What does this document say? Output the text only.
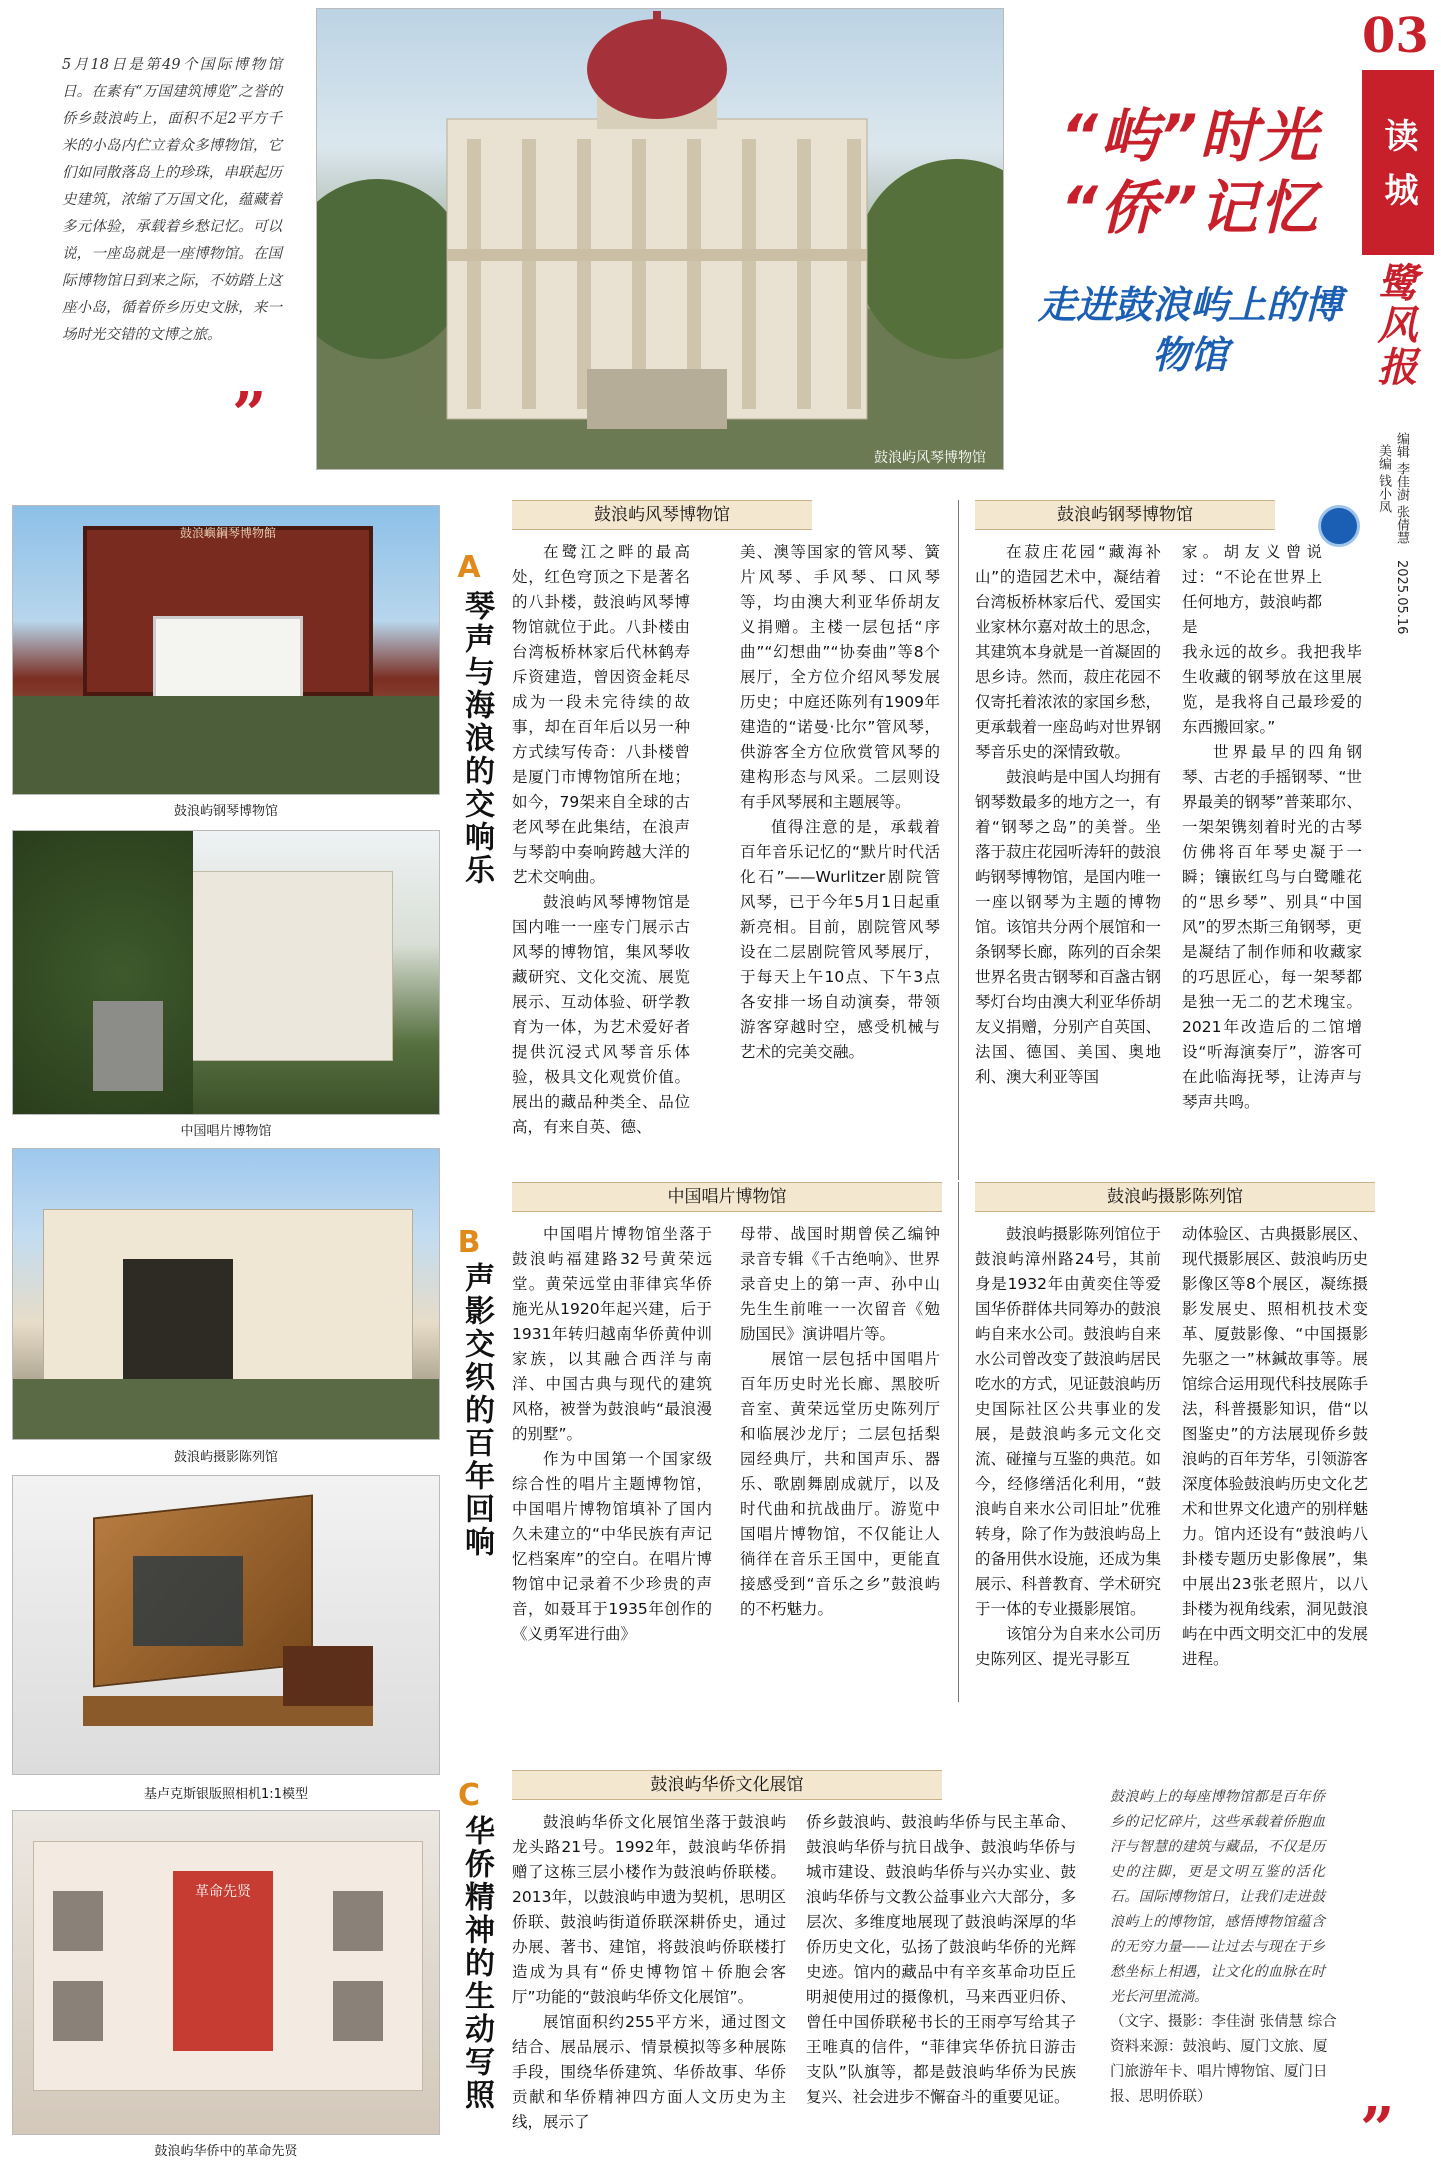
5月18日是第49个国际博物馆日。在素有“万国建筑博览”之誉的侨乡鼓浪屿上，面积不足2平方千米的小岛内伫立着众多博物馆，它们如同散落岛上的珍珠，串联起历史建筑，浓缩了万国文化，蕴藏着多元体验，承载着乡愁记忆。可以说，一座岛就是一座博物馆。在国际博物馆日到来之际，不妨踏上这座小岛，循着侨乡历史文脉，来一场时光交错的文博之旅。
”
鼓浪屿风琴博物馆
“屿”时光
“侨”记忆
走进鼓浪屿上的博物馆
03
读城
鹭风报
编辑 李佳澍 张倩慧 2025.05.16 美编 钱小凤
鼓浪嶼鋼琴博物館
鼓浪屿钢琴博物馆
中国唱片博物馆
鼓浪屿摄影陈列馆
基卢克斯银版照相机1:1模型
革命先贤
鼓浪屿华侨中的革命先贤
A
琴声与海浪的交响乐
B
声影交织的百年回响
C
华侨精神的生动写照
鼓浪屿风琴博物馆

在鹭江之畔的最高处，红色穹顶之下是著名的八卦楼，鼓浪屿风琴博物馆就位于此。八卦楼由台湾板桥林家后代林鹤寿斥资建造，曾因资金耗尽成为一段未完待续的故事，却在百年后以另一种方式续写传奇：八卦楼曾是厦门市博物馆所在地；如今，79架来自全球的古老风琴在此集结，在浪声与琴韵中奏响跨越大洋的艺术交响曲。

鼓浪屿风琴博物馆是国内唯一一座专门展示古风琴的博物馆，集风琴收藏研究、文化交流、展览展示、互动体验、研学教育为一体，为艺术爱好者提供沉浸式风琴音乐体验，极具文化观赏价值。展出的藏品种类全、品位高，有来自英、德、

美、澳等国家的管风琴、簧片风琴、手风琴、口风琴等，均由澳大利亚华侨胡友义捐赠。主楼一层包括“序曲”“幻想曲”“协奏曲”等8个展厅，全方位介绍风琴发展历史；中庭还陈列有1909年建造的“诺曼·比尔”管风琴，供游客全方位欣赏管风琴的建构形态与风采。二层则设有手风琴展和主题展等。

值得注意的是，承载着百年音乐记忆的“默片时代活化石”——Wurlitzer剧院管风琴，已于今年5月1日起重新亮相。目前，剧院管风琴设在二层剧院管风琴展厅，于每天上午10点、下午3点各安排一场自动演奏，带领游客穿越时空，感受机械与艺术的完美交融。

鼓浪屿钢琴博物馆

在菽庄花园“藏海补山”的造园艺术中，凝结着台湾板桥林家后代、爱国实业家林尔嘉对故土的思念，其建筑本身就是一首凝固的思乡诗。然而，菽庄花园不仅寄托着浓浓的家国乡愁，更承载着一座岛屿对世界钢琴音乐史的深情致敬。

鼓浪屿是中国人均拥有钢琴数最多的地方之一，有着“钢琴之岛”的美誉。坐落于菽庄花园听涛轩的鼓浪屿钢琴博物馆，是国内唯一一座以钢琴为主题的博物馆。该馆共分两个展馆和一条钢琴长廊，陈列的百余架世界名贵古钢琴和百盏古钢琴灯台均由澳大利亚华侨胡友义捐赠，分别产自英国、法国、德国、美国、奥地利、澳大利亚等国

家。胡友义曾说过：“不论在世界上任何地方，鼓浪屿都是

我永远的故乡。我把我毕生收藏的钢琴放在这里展览，是我将自己最珍爱的东西搬回家。”

世界最早的四角钢琴、古老的手摇钢琴、“世界最美的钢琴”普莱耶尔、一架架镌刻着时光的古琴仿佛将百年琴史凝于一瞬；镶嵌红鸟与白鹭雕花的“思乡琴”、别具“中国风”的罗杰斯三角钢琴，更是凝结了制作师和收藏家的巧思匠心，每一架琴都是独一无二的艺术瑰宝。2021年改造后的二馆增设“听海演奏厅”，游客可在此临海抚琴，让涛声与琴声共鸣。

中国唱片博物馆

中国唱片博物馆坐落于鼓浪屿福建路32号黄荣远堂。黄荣远堂由菲律宾华侨施光从1920年起兴建，后于1931年转归越南华侨黄仲训家族，以其融合西洋与南洋、中国古典与现代的建筑风格，被誉为鼓浪屿“最浪漫的别墅”。

作为中国第一个国家级综合性的唱片主题博物馆，中国唱片博物馆填补了国内久未建立的“中华民族有声记忆档案库”的空白。在唱片博物馆中记录着不少珍贵的声音，如聂耳于1935年创作的《义勇军进行曲》

母带、战国时期曾侯乙编钟录音专辑《千古绝响》、世界录音史上的第一声、孙中山先生生前唯一一次留音《勉励国民》演讲唱片等。

展馆一层包括中国唱片百年历史时光长廊、黑胶听音室、黄荣远堂历史陈列厅和临展沙龙厅；二层包括梨园经典厅，共和国声乐、器乐、歌剧舞剧成就厅，以及时代曲和抗战曲厅。游览中国唱片博物馆，不仅能让人徜徉在音乐王国中，更能直接感受到“音乐之乡”鼓浪屿的不朽魅力。

鼓浪屿摄影陈列馆

鼓浪屿摄影陈列馆位于鼓浪屿漳州路24号，其前身是1932年由黄奕住等爱国华侨群体共同筹办的鼓浪屿自来水公司。鼓浪屿自来水公司曾改变了鼓浪屿居民吃水的方式，见证鼓浪屿历史国际社区公共事业的发展，是鼓浪屿多元文化交流、碰撞与互鉴的典范。如今，经修缮活化利用，“鼓浪屿自来水公司旧址”优雅转身，除了作为鼓浪屿岛上的备用供水设施，还成为集展示、科普教育、学术研究于一体的专业摄影展馆。

该馆分为自来水公司历史陈列区、提光寻影互

动体验区、古典摄影展区、现代摄影展区、鼓浪屿历史影像区等8个展区，凝练摄影发展史、照相机技术变革、厦鼓影像、“中国摄影先驱之一”林鍼故事等。展馆综合运用现代科技展陈手法，科普摄影知识，借“以图鉴史”的方法展现侨乡鼓浪屿的百年芳华，引领游客深度体验鼓浪屿历史文化艺术和世界文化遗产的别样魅力。馆内还设有“鼓浪屿八卦楼专题历史影像展”，集中展出23张老照片，以八卦楼为视角线索，洞见鼓浪屿在中西文明交汇中的发展进程。

鼓浪屿华侨文化展馆

鼓浪屿华侨文化展馆坐落于鼓浪屿龙头路21号。1992年，鼓浪屿华侨捐赠了这栋三层小楼作为鼓浪屿侨联楼。2013年，以鼓浪屿申遗为契机，思明区侨联、鼓浪屿街道侨联深耕侨史，通过办展、著书、建馆，将鼓浪屿侨联楼打造成为具有“侨史博物馆＋侨胞会客厅”功能的“鼓浪屿华侨文化展馆”。

展馆面积约255平方米，通过图文结合、展品展示、情景模拟等多种展陈手段，围绕华侨建筑、华侨故事、华侨贡献和华侨精神四方面人文历史为主线，展示了

侨乡鼓浪屿、鼓浪屿华侨与民主革命、鼓浪屿华侨与抗日战争、鼓浪屿华侨与城市建设、鼓浪屿华侨与兴办实业、鼓浪屿华侨与文教公益事业六大部分，多层次、多维度地展现了鼓浪屿深厚的华侨历史文化，弘扬了鼓浪屿华侨的光辉史迹。馆内的藏品中有辛亥革命功臣丘明昶使用过的摄像机，马来西亚归侨、曾任中国侨联秘书长的王雨亭写给其子王唯真的信件，“菲律宾华侨抗日游击支队”队旗等，都是鼓浪屿华侨为民族复兴、社会进步不懈奋斗的重要见证。

鼓浪屿上的每座博物馆都是百年侨乡的记忆碎片，这些承载着侨胞血汗与智慧的建筑与藏品，不仅是历史的注脚，更是文明互鉴的活化石。国际博物馆日，让我们走进鼓浪屿上的博物馆，感悟博物馆蕴含的无穷力量——让过去与现在于乡愁坐标上相遇，让文化的血脉在时光长河里流淌。
（文字、摄影：李佳澍 张倩慧 综合资料来源：鼓浪屿、厦门文旅、厦门旅游年卡、唱片博物馆、厦门日报、思明侨联）	”
